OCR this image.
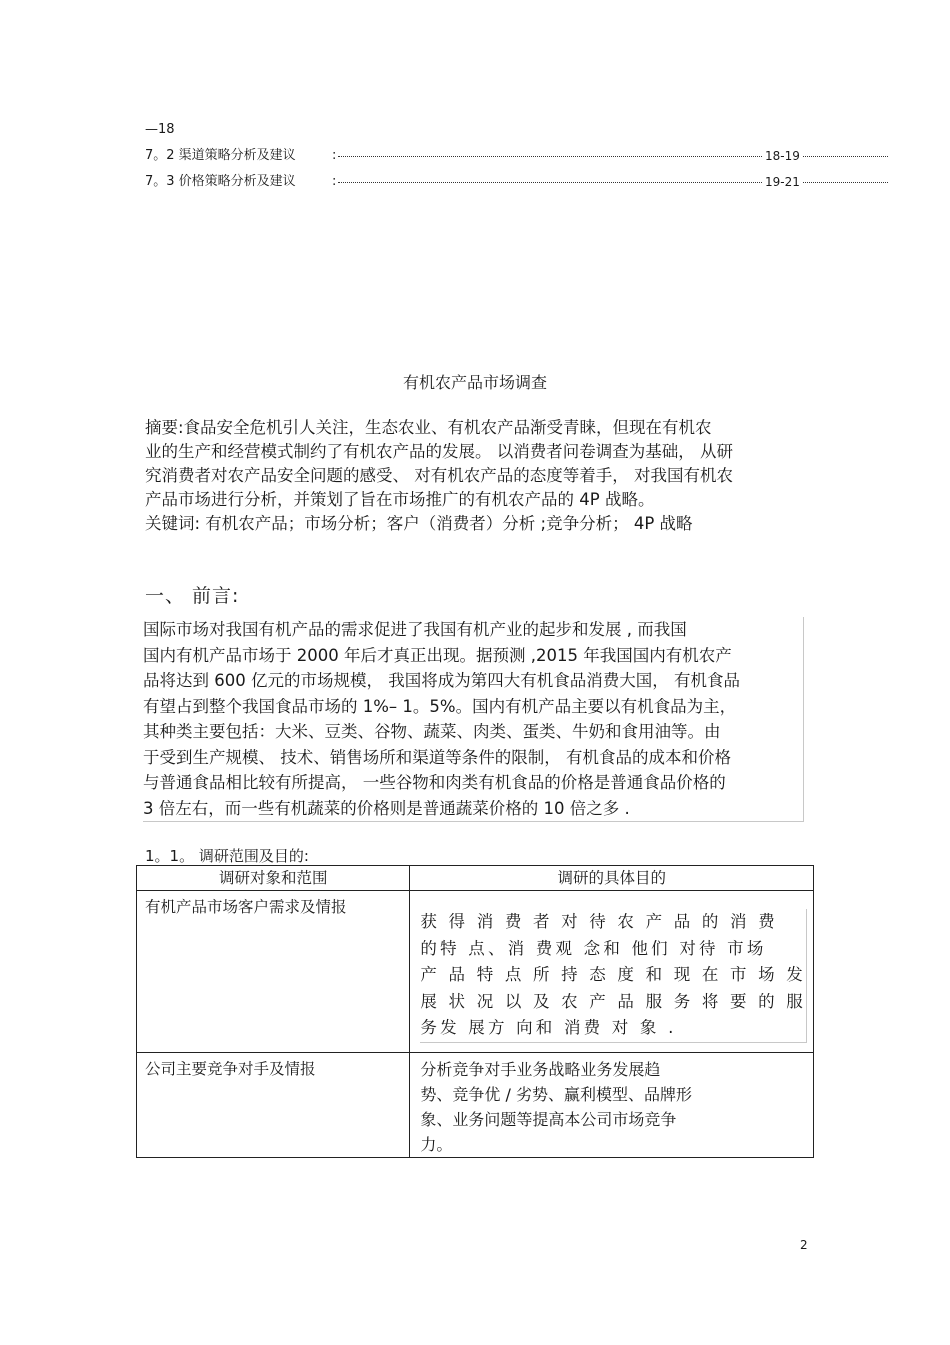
—18
7。2 渠道策略分析及建议	:	18-19
7。3 价格策略分析及建议	:	19-21
有机农产品市场调查

摘要:食品安全危机引人关注，生态农业、有机农产品渐受青睐，但现在有机农

业的生产和经营模式制约了有机农产品的发展。 以消费者问卷调查为基础， 从研

究消费者对农产品安全问题的感受、 对有机农产品的态度等着手， 对我国有机农

产品市场进行分析，并策划了旨在市场推广的有机农产品的 4P 战略。

关键词: 有机农产品；市场分析；客户（消费者）分析 ;竞争分析； 4P 战略

一、 前言:

国际市场对我国有机产品的需求促进了我国有机产业的起步和发展 , 而我国

国内有机产品市场于 2000 年后才真正出现。据预测 ,2015 年我国国内有机农产

品将达到 600 亿元的市场规模， 我国将成为第四大有机食品消费大国， 有机食品

有望占到整个我国食品市场的 1%– 1。5%。国内有机产品主要以有机食品为主，

其种类主要包括：大米、豆类、谷物、蔬菜、肉类、蛋类、牛奶和食用油等。由

于受到生产规模、 技术、销售场所和渠道等条件的限制， 有机食品的成本和价格

与普通食品相比较有所提高， 一些谷物和肉类有机食品的价格是普通食品价格的

3 倍左右，而一些有机蔬菜的价格则是普通蔬菜价格的 10 倍之多 .

1。1。 调研范围及目的:
调研对象和范围	调研的具体目的
有机产品市场客户需求及情报	获 得 消 费 者 对 待 农 产 品 的 消 费

的特 点、消 费观 念和 他们 对待 市场

产 品 特 点 所 持 态 度 和 现 在 市 场 发

展 状 况 以 及 农 产 品 服 务 将 要 的 服

务发 展方 向和 消费 对 象 .

公司主要竞争对手及情报	分析竞争对手业务战略业务发展趋

势、竞争优 / 劣势、赢利模型、品牌形

象、业务问题等提高本公司市场竞争

力。

2
